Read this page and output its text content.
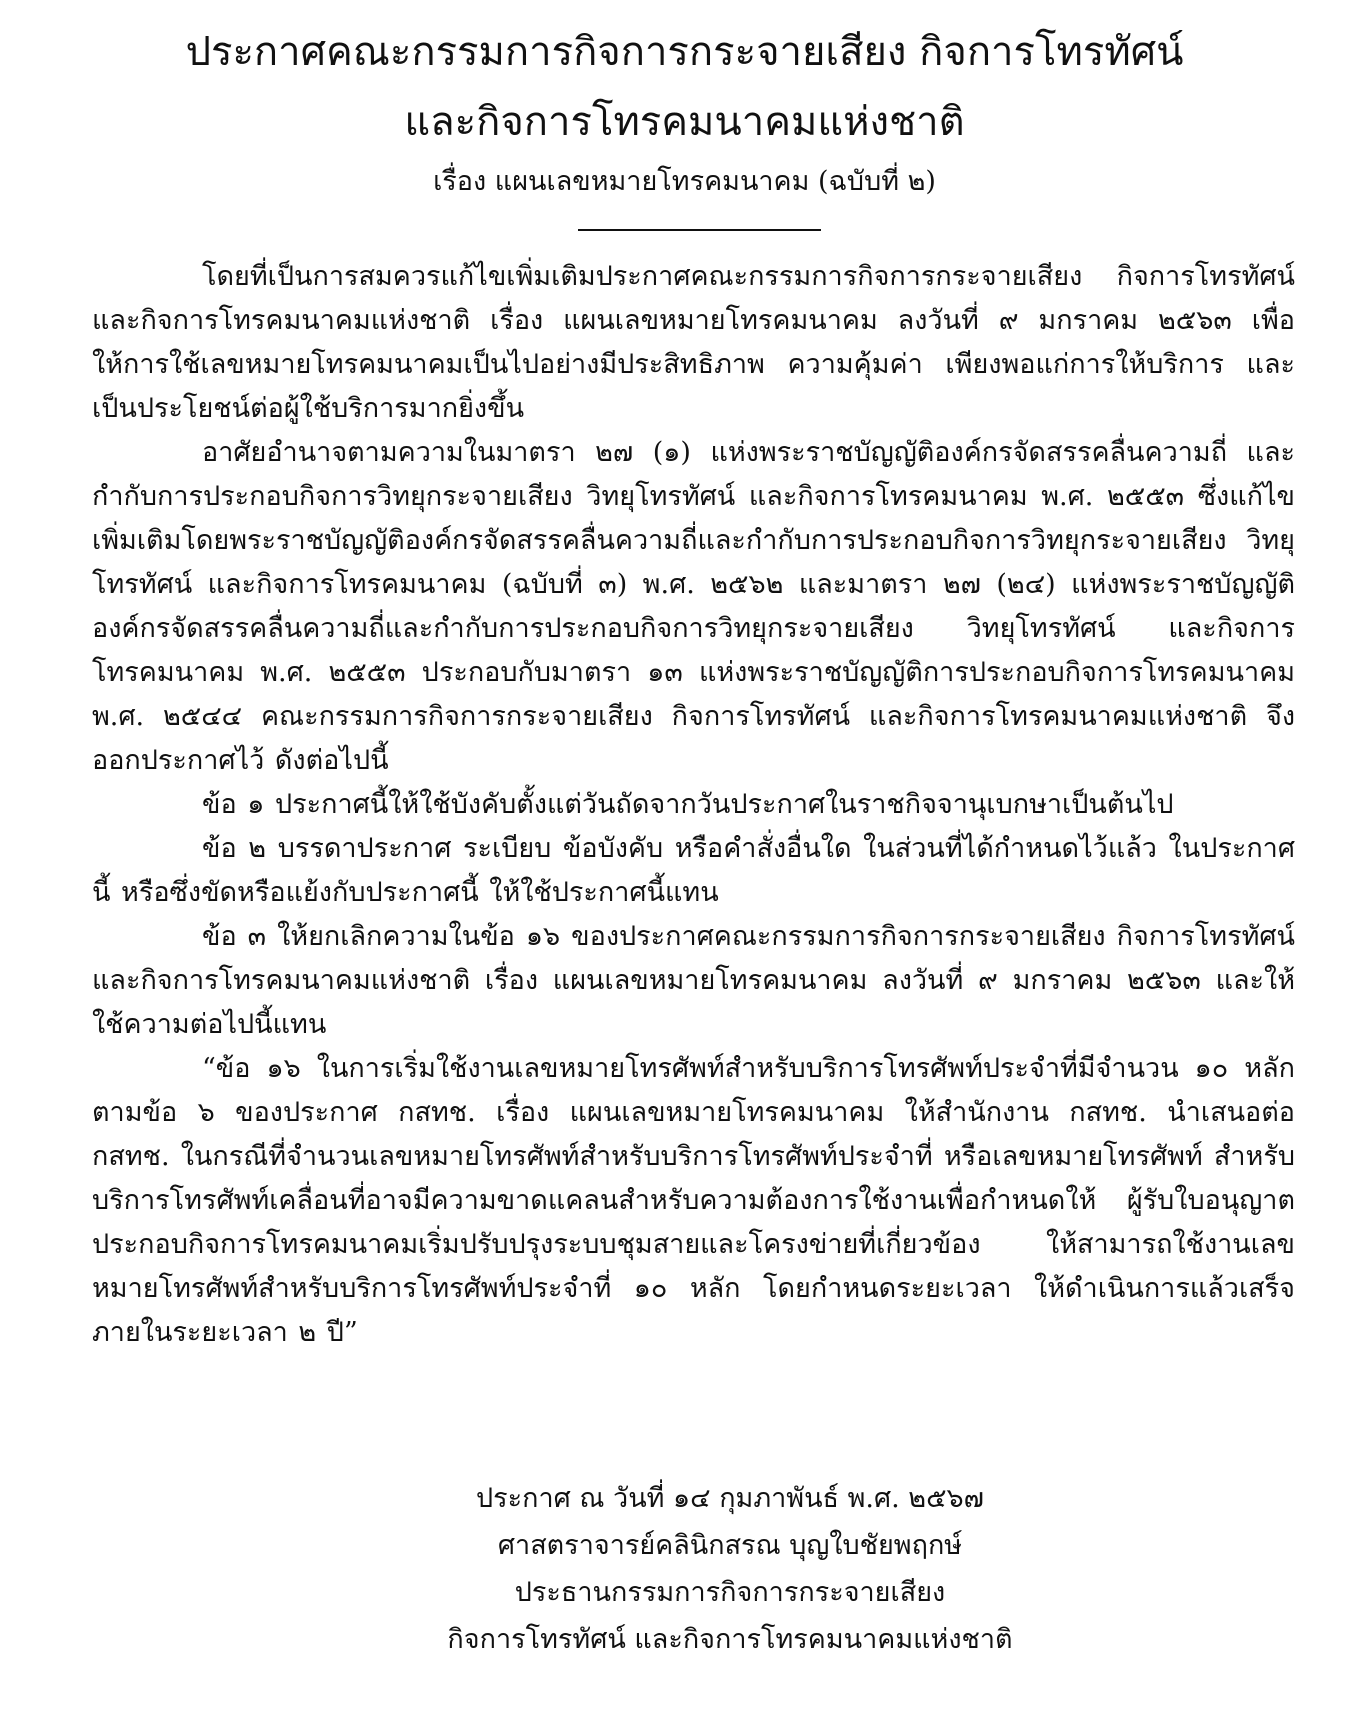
ประกาศคณะกรรมการกิจการกระจายเสียง กิจการโทรทัศน์
และกิจการโทรคมนาคมแห่งชาติ
เรื่อง แผนเลขหมายโทรคมนาคม (ฉบับที่ ๒)

โดยที่เป็นการสมควรแก้ไขเพิ่มเติมประกาศคณะกรรมการกิจการกระจายเสียง กิจการโทรทัศน์ และกิจการโทรคมนาคมแห่งชาติ เรื่อง แผนเลขหมายโทรคมนาคม ลงวันที่ ๙ มกราคม ๒๕๖๓ เพื่อให้การใช้เลขหมายโทรคมนาคมเป็นไปอย่างมีประสิทธิภาพ ความคุ้มค่า เพียงพอแก่การให้บริการ และเป็นประโยชน์ต่อผู้ใช้บริการมากยิ่งขึ้น

อาศัยอำนาจตามความในมาตรา ๒๗ (๑) แห่งพระราชบัญญัติองค์กรจัดสรรคลื่นความถี่ และกำกับการประกอบกิจการวิทยุกระจายเสียง วิทยุโทรทัศน์ และกิจการโทรคมนาคม พ.ศ. ๒๕๕๓ ซึ่งแก้ไขเพิ่มเติมโดยพระราชบัญญัติองค์กรจัดสรรคลื่นความถี่และกำกับการประกอบกิจการวิทยุกระจายเสียง วิทยุโทรทัศน์ และกิจการโทรคมนาคม (ฉบับที่ ๓) พ.ศ. ๒๕๖๒ และมาตรา ๒๗ (๒๔) แห่งพระราชบัญญัติ องค์กรจัดสรรคลื่นความถี่และกำกับการประกอบกิจการวิทยุกระจายเสียง วิทยุโทรทัศน์ และกิจการโทรคมนาคม พ.ศ. ๒๕๕๓ ประกอบกับมาตรา ๑๓ แห่งพระราชบัญญัติการประกอบกิจการโทรคมนาคม พ.ศ. ๒๕๔๔ คณะกรรมการกิจการกระจายเสียง กิจการโทรทัศน์ และกิจการโทรคมนาคมแห่งชาติ จึงออกประกาศไว้ ดังต่อไปนี้

ข้อ ๑ ประกาศนี้ให้ใช้บังคับตั้งแต่วันถัดจากวันประกาศในราชกิจจานุเบกษาเป็นต้นไป

ข้อ ๒ บรรดาประกาศ ระเบียบ ข้อบังคับ หรือคำสั่งอื่นใด ในส่วนที่ได้กำหนดไว้แล้ว ในประกาศนี้ หรือซึ่งขัดหรือแย้งกับประกาศนี้ ให้ใช้ประกาศนี้แทน

ข้อ ๓ ให้ยกเลิกความในข้อ ๑๖ ของประกาศคณะกรรมการกิจการกระจายเสียง กิจการโทรทัศน์ และกิจการโทรคมนาคมแห่งชาติ เรื่อง แผนเลขหมายโทรคมนาคม ลงวันที่ ๙ มกราคม ๒๕๖๓ และให้ใช้ความต่อไปนี้แทน

“ข้อ ๑๖ ในการเริ่มใช้งานเลขหมายโทรศัพท์สำหรับบริการโทรศัพท์ประจำที่มีจำนวน ๑๐ หลัก ตามข้อ ๖ ของประกาศ กสทช. เรื่อง แผนเลขหมายโทรคมนาคม ให้สำนักงาน กสทช. นำเสนอต่อ กสทช. ในกรณีที่จำนวนเลขหมายโทรศัพท์สำหรับบริการโทรศัพท์ประจำที่ หรือเลขหมายโทรศัพท์ สำหรับบริการโทรศัพท์เคลื่อนที่อาจมีความขาดแคลนสำหรับความต้องการใช้งานเพื่อกำหนดให้ ผู้รับใบอนุญาตประกอบกิจการโทรคมนาคมเริ่มปรับปรุงระบบชุมสายและโครงข่ายที่เกี่ยวข้อง ให้สามารถใช้งานเลขหมายโทรศัพท์สำหรับบริการโทรศัพท์ประจำที่ ๑๐ หลัก โดยกำหนดระยะเวลา ให้ดำเนินการแล้วเสร็จภายในระยะเวลา ๒ ปี”

ประกาศ ณ วันที่ ๑๔ กุมภาพันธ์ พ.ศ. ๒๕๖๗
ศาสตราจารย์คลินิกสรณ บุญใบชัยพฤกษ์
ประธานกรรมการกิจการกระจายเสียง
กิจการโทรทัศน์ และกิจการโทรคมนาคมแห่งชาติ
